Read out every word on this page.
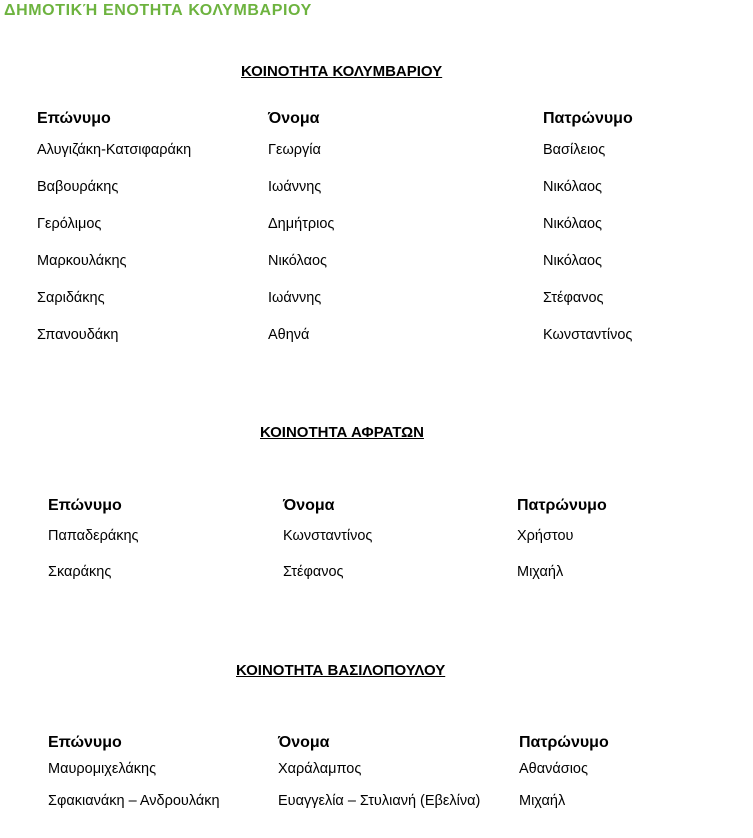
ΔΗΜΟΤΙΚΉ ΕΝΟΤΗΤΑ ΚΟΛΥΜΒΑΡΙΟΥ
ΚΟΙΝΟΤΗΤΑ ΚΟΛΥΜΒΑΡΙΟΥ
Επώνυμο	Όνομα	Πατρώνυμο
Αλυγιζάκη-Κατσιφαράκη	Γεωργία	Βασίλειος
Βαβουράκης	Ιωάννης	Νικόλαος
Γερόλιμος	Δημήτριος	Νικόλαος
Μαρκουλάκης	Νικόλαος	Νικόλαος
Σαριδάκης	Ιωάννης	Στέφανος
Σπανουδάκη	Αθηνά	Κωνσταντίνος
ΚΟΙΝΟΤΗΤΑ ΑΦΡΑΤΩΝ
Επώνυμο	Όνομα	Πατρώνυμο
Παπαδεράκης	Κωνσταντίνος	Χρήστου
Σκαράκης	Στέφανος	Μιχαήλ
ΚΟΙΝΟΤΗΤΑ ΒΑΣΙΛΟΠΟΥΛΟΥ
Επώνυμο	Όνομα	Πατρώνυμο
Μαυρομιχελάκης	Χαράλαμπος	Αθανάσιος
Σφακιανάκη – Ανδρουλάκη	Ευαγγελία – Στυλιανή (Εβελίνα)	Μιχαήλ
